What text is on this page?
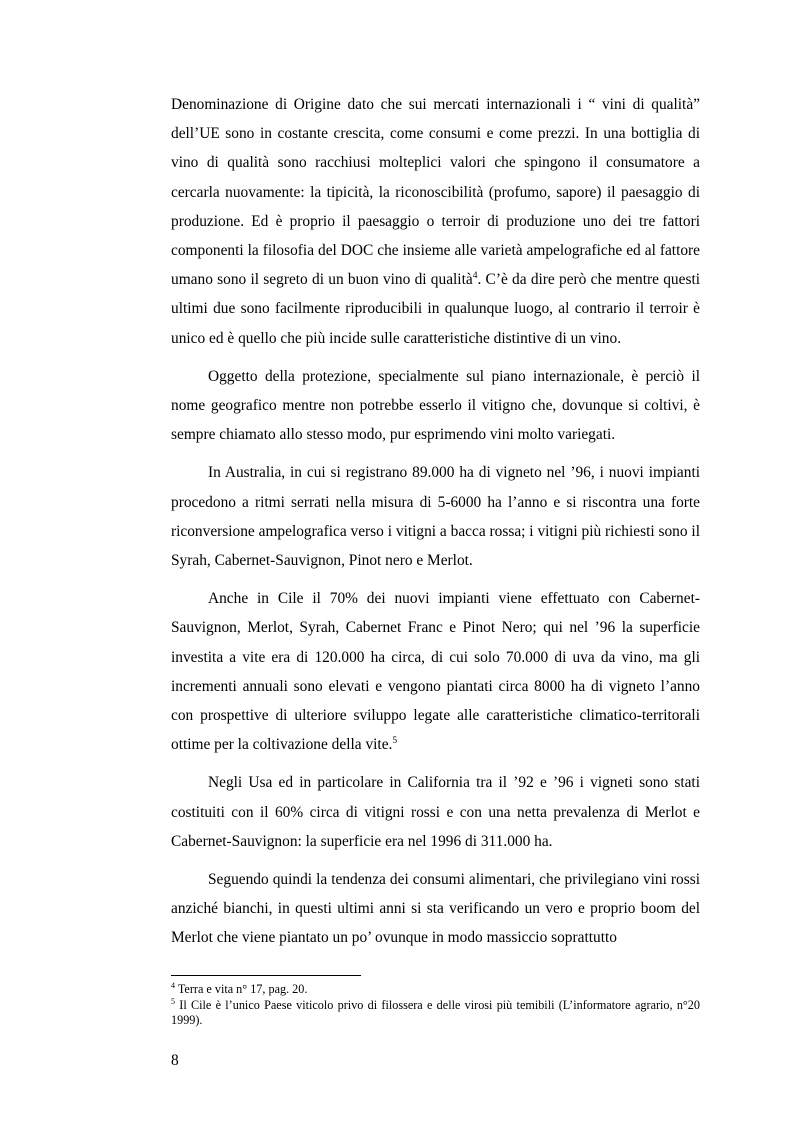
Denominazione di Origine dato che sui mercati internazionali i “ vini di qualità” dell’UE sono in costante crescita, come consumi e come prezzi. In una bottiglia di vino di qualità sono racchiusi molteplici valori che spingono il consumatore a cercarla nuovamente: la tipicità, la riconoscibilità (profumo, sapore) il paesaggio di produzione. Ed è proprio il paesaggio o terroir di produzione uno dei tre fattori componenti la filosofia del DOC che insieme alle varietà ampelografiche ed al fattore umano sono il segreto di un buon vino di qualità$^4$. C’è da dire però che mentre questi ultimi due sono facilmente riproducibili in qualunque luogo, al contrario il terroir è unico ed è quello che più incide sulle caratteristiche distintive di un vino.

Oggetto della protezione, specialmente sul piano internazionale, è perciò il nome geografico mentre non potrebbe esserlo il vitigno che, dovunque si coltivi, è sempre chiamato allo stesso modo, pur esprimendo vini molto variegati.

In Australia, in cui si registrano 89.000 ha di vigneto nel ’96, i nuovi impianti procedono a ritmi serrati nella misura di 5-6000 ha l’anno e si riscontra una forte riconversione ampelografica verso i vitigni a bacca rossa; i vitigni più richiesti sono il Syrah, Cabernet-Sauvignon, Pinot nero e Merlot.

Anche in Cile il 70% dei nuovi impianti viene effettuato con Cabernet-Sauvignon, Merlot, Syrah, Cabernet Franc e Pinot Nero; qui nel ’96 la superficie investita a vite era di 120.000 ha circa, di cui solo 70.000 di uva da vino, ma gli incrementi annuali sono elevati e vengono piantati circa 8000 ha di vigneto l’anno con prospettive di ulteriore sviluppo legate alle caratteristiche climatico-territorali ottime per la coltivazione della vite.$^5$

Negli Usa ed in particolare in California tra il ’92 e ’96 i vigneti sono stati costituiti con il 60% circa di vitigni rossi e con una netta prevalenza di Merlot e Cabernet-Sauvignon: la superficie era nel 1996 di 311.000 ha.

Seguendo quindi la tendenza dei consumi alimentari, che privilegiano vini rossi anziché bianchi, in questi ultimi anni si sta verificando un vero e proprio boom del Merlot che viene piantato un po’ ovunque in modo massiccio soprattutto

$^4$ Terra e vita n° 17, pag. 20.

$^5$ Il Cile è l’unico Paese viticolo privo di filossera e delle virosi più temibili (L’informatore agrario, n°20 1999).

8
